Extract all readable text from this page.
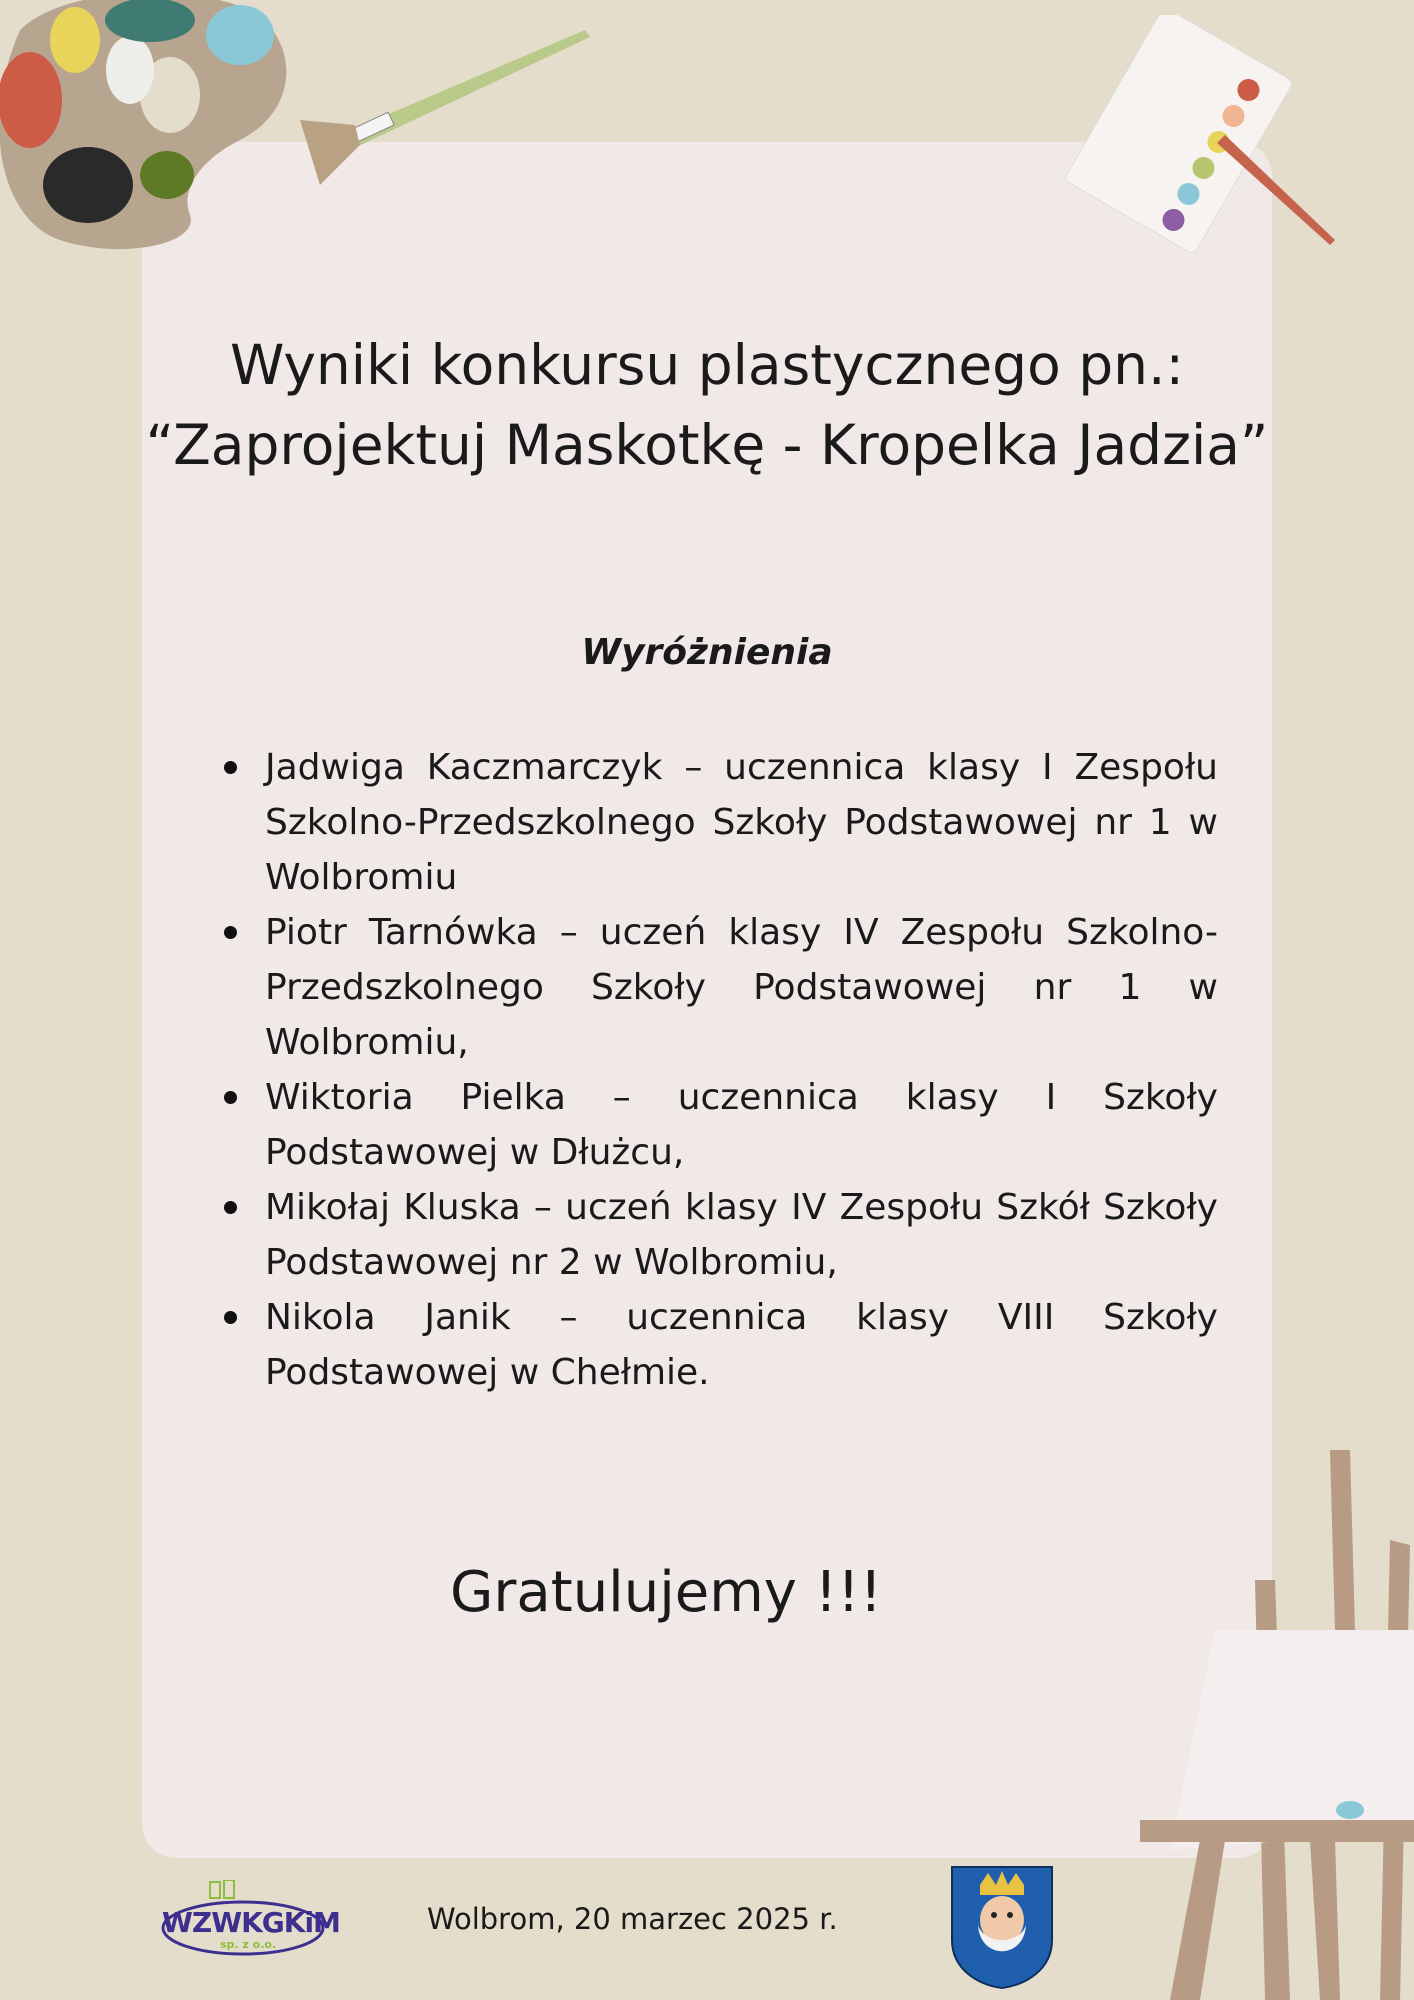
Wyniki konkursu plastycznego pn.:
“Zaprojektuj Maskotkę - Kropelka Jadzia”
Wyróżnienia
Jadwiga Kaczmarczyk – uczennica klasy I Zespołu Szkolno-Przedszkolnego Szkoły Podstawowej nr 1 w Wolbromiu
Piotr Tarnówka – uczeń klasy IV Zespołu Szkolno-Przedszkolnego Szkoły Podstawowej nr 1 w Wolbromiu,
Wiktoria Pielka – uczennica klasy I Szkoły Podstawowej w Dłużcu,
Mikołaj Kluska – uczeń klasy IV Zespołu Szkół Szkoły Podstawowej nr 2 w Wolbromiu,
Nikola Janik – uczennica klasy VIII Szkoły Podstawowej w Chełmie.

Gratulujemy !!!

WZWKGKiM
sp. z o.o.
Wolbrom, 20 marzec 2025 r.
